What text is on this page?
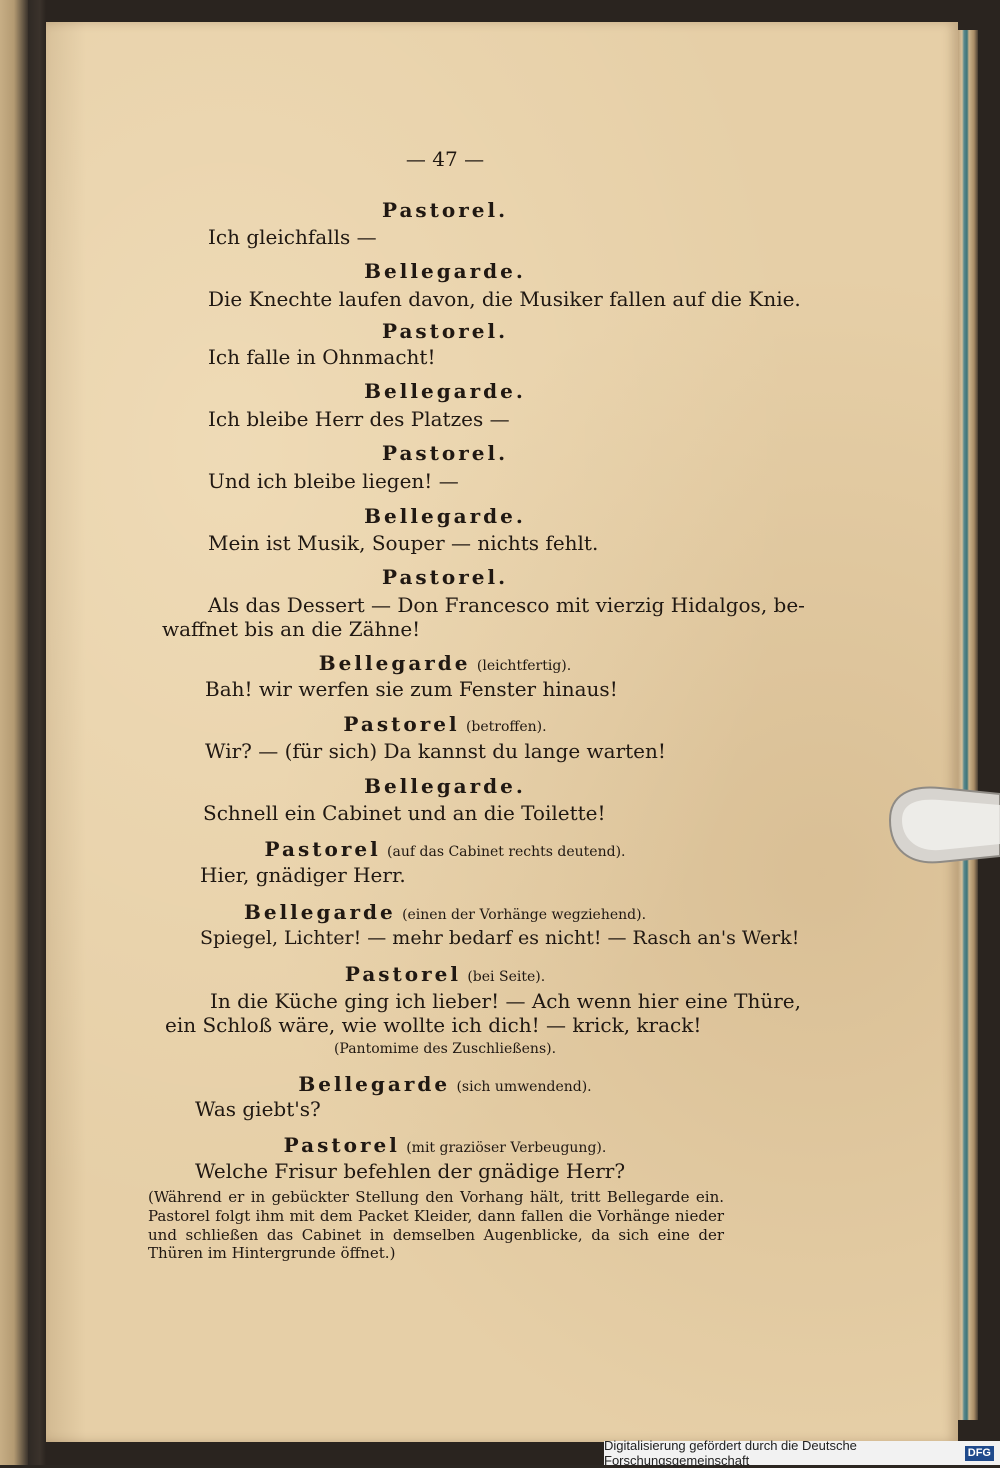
— 47 —
Pastorel.
Ich gleichfalls —
Bellegarde.
Die Knechte laufen davon, die Musiker fallen auf die Knie.
Pastorel.
Ich falle in Ohnmacht!
Bellegarde.
Ich bleibe Herr des Platzes —
Pastorel.
Und ich bleibe liegen! —
Bellegarde.
Mein ist Musik, Souper — nichts fehlt.
Pastorel.
Als das Dessert — Don Francesco mit vierzig Hidalgos, be-
waffnet bis an die Zähne!
Bellegarde (leichtfertig).
Bah! wir werfen sie zum Fenster hinaus!
Pastorel (betroffen).
Wir? — (für sich) Da kannst du lange warten!
Bellegarde.
Schnell ein Cabinet und an die Toilette!
Pastorel (auf das Cabinet rechts deutend).
Hier, gnädiger Herr.
Bellegarde (einen der Vorhänge wegziehend).
Spiegel, Lichter! — mehr bedarf es nicht! — Rasch an's Werk!
Pastorel (bei Seite).
In die Küche ging ich lieber! — Ach wenn hier eine Thüre,
ein Schloß wäre, wie wollte ich dich! — krick, krack!
(Pantomime des Zuschließens).
Bellegarde (sich umwendend).
Was giebt's?
Pastorel (mit graziöser Verbeugung).
Welche Frisur befehlen der gnädige Herr?
(Während er in gebückter Stellung den Vorhang hält, tritt Bellegarde ein. Pastorel folgt ihm mit dem Packet Kleider, dann fallen die Vorhänge nieder und schließen das Cabinet in demselben Augenblicke, da sich eine der Thüren im Hintergrunde öffnet.)
Digitalisierung gefördert durch die Deutsche Forschungsgemeinschaft
DFG
